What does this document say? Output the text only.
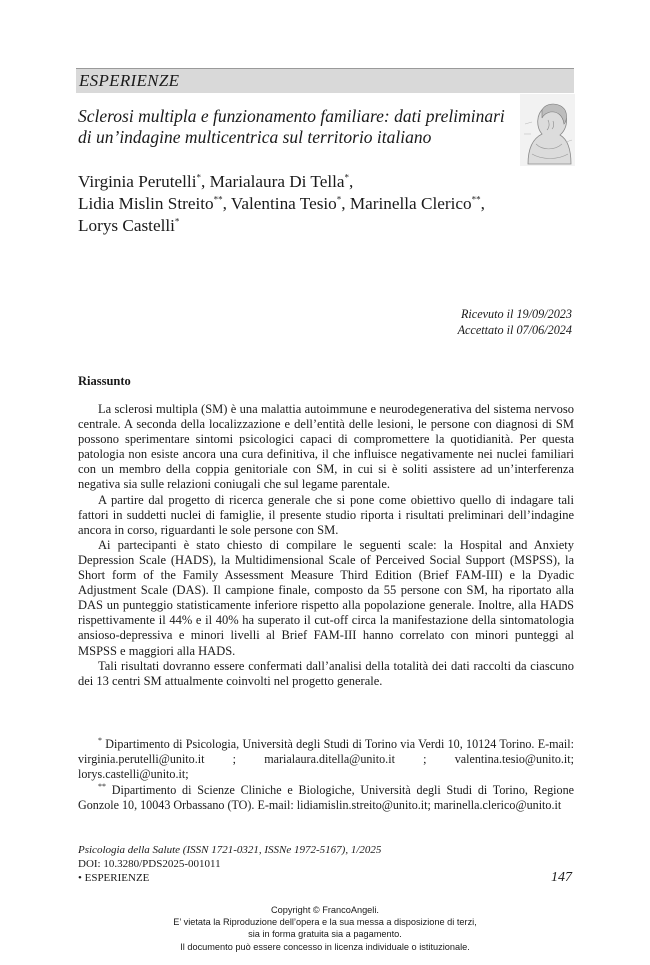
ESPERIENZE
Sclerosi multipla e funzionamento familiare: dati preliminari
di un’indagine multicentrica sul territorio italiano
Virginia Perutelli*, Marialaura Di Tella*,
Lidia Mislin Streito**, Valentina Tesio*, Marinella Clerico**,
Lorys Castelli*
Ricevuto il 19/09/2023
Accettato il 07/06/2024
Riassunto

La sclerosi multipla (SM) è una malattia autoimmune e neurodegenerativa del sistema nervoso centrale. A seconda della localizzazione e dell’entità delle lesioni, le persone con diagnosi di SM possono sperimentare sintomi psicologici capaci di compromettere la quotidianità. Per questa patologia non esiste ancora una cura definitiva, il che influisce negativamente nei nuclei familiari con un membro della coppia genitoriale con SM, in cui si è soliti assistere ad un’interferenza negativa sia sulle relazioni coniugali che sul legame parentale.

A partire dal progetto di ricerca generale che si pone come obiettivo quello di indagare tali fattori in suddetti nuclei di famiglie, il presente studio riporta i risultati preliminari dell’indagine ancora in corso, riguardanti le sole persone con SM.

Ai partecipanti è stato chiesto di compilare le seguenti scale: la Hospital and Anxiety Depression Scale (HADS), la Multidimensional Scale of Perceived Social Support (MSPSS), la Short form of the Family Assessment Measure Third Edition (Brief FAM-III) e la Dyadic Adjustment Scale (DAS). Il campione finale, composto da 55 persone con SM, ha riportato alla DAS un punteggio statisticamente inferiore rispetto alla popolazione generale. Inoltre, alla HADS rispettivamente il 44% e il 40% ha superato il cut-off circa la manifestazione della sintomatologia ansioso-depressiva e minori livelli al Brief FAM-III hanno correlato con minori punteggi al MSPSS e maggiori alla HADS.

Tali risultati dovranno essere confermati dall’analisi della totalità dei dati raccolti da ciascuno dei 13 centri SM attualmente coinvolti nel progetto generale.

* Dipartimento di Psicologia, Università degli Studi di Torino via Verdi 10, 10124 Torino. E-mail: virginia.perutelli@unito.it ; marialaura.ditella@unito.it ; valentina.tesio@unito.it; lorys.castelli@unito.it;

** Dipartimento di Scienze Cliniche e Biologiche, Università degli Studi di Torino, Regione Gonzole 10, 10043 Orbassano (TO). E-mail: lidiamislin.streito@unito.it; marinella.clerico@unito.it

Psicologia della Salute (ISSN 1721-0321, ISSNe 1972-5167), 1/2025
DOI: 10.3280/PDS2025-001011
• ESPERIENZE	147
Copyright © FrancoAngeli.
E’ vietata la Riproduzione dell’opera e la sua messa a disposizione di terzi,
sia in forma gratuita sia a pagamento.
Il documento può essere concesso in licenza individuale o istituzionale.
